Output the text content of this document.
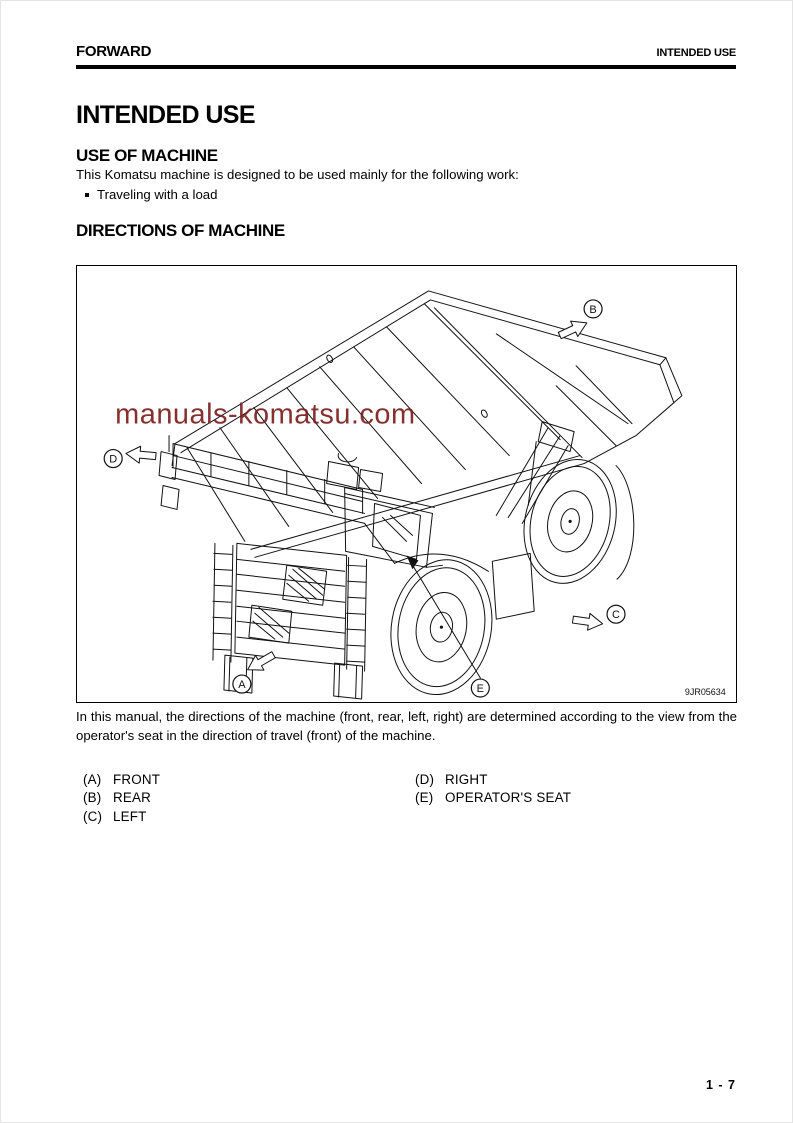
FORWARD	INTENDED USE
INTENDED USE
USE OF MACHINE
This Komatsu machine is designed to be used mainly for the following work:
Traveling with a load
DIRECTIONS OF MACHINE
manuals-komatsu.com
B
D
A
C
E	9JR05634
In this manual, the directions of the machine (front, rear, left, right) are determined according to the view from the operator's seat in the direction of travel (front) of the machine.
(A) FRONT
(B) REAR
(C) LEFT
(D) RIGHT
(E) OPERATOR'S SEAT
1 - 7
